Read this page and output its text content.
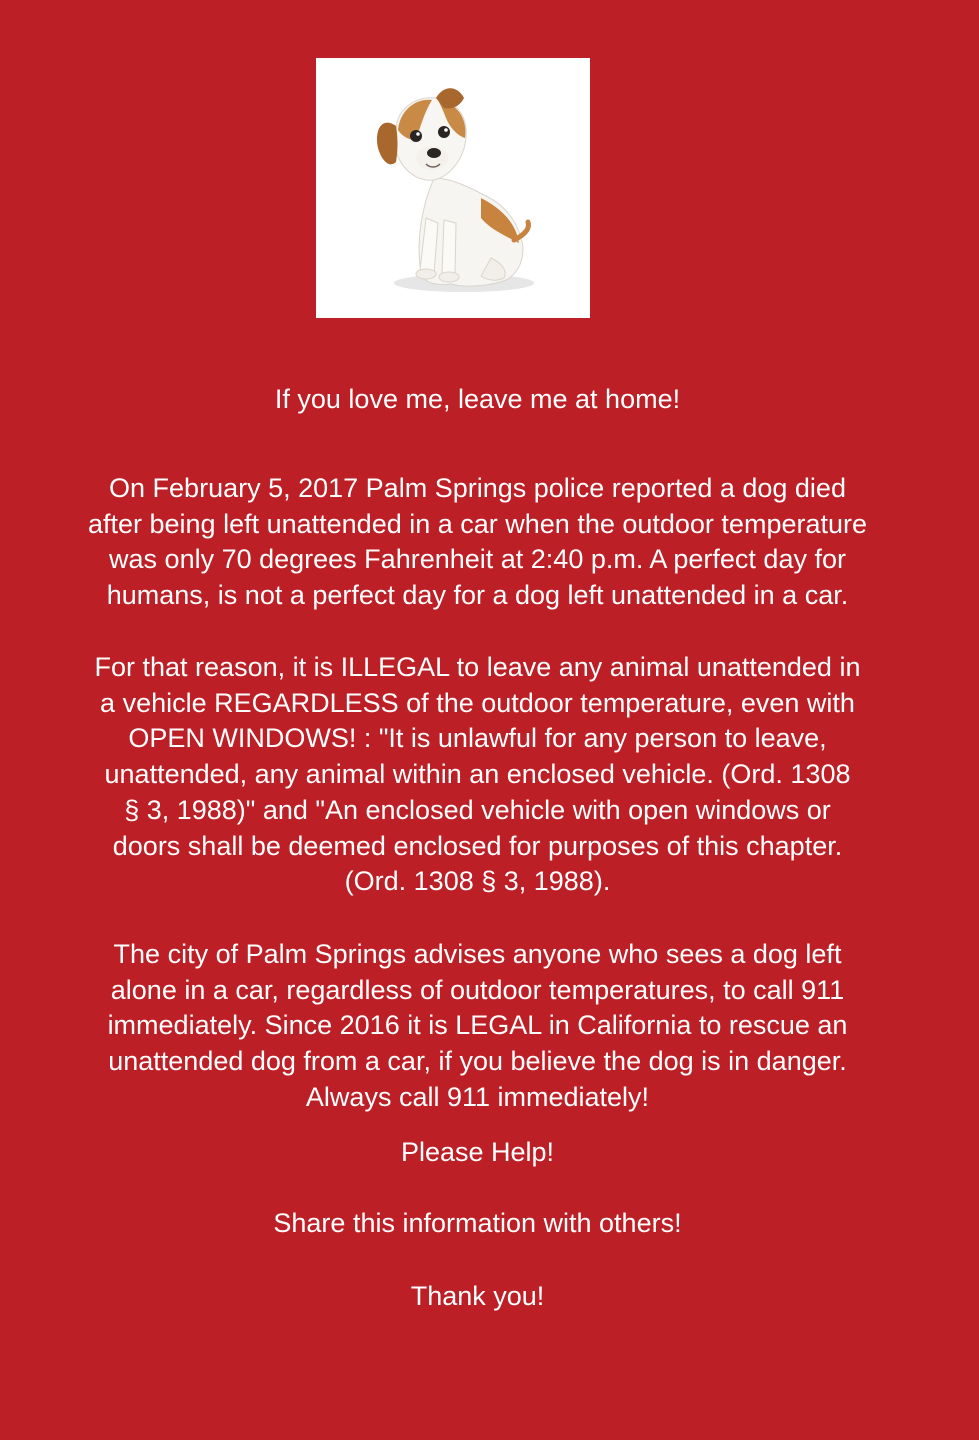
If you love me, leave me at home!

On February 5, 2017 Palm Springs police reported a dog died
after being left unattended in a car when the outdoor temperature
was only 70 degrees Fahrenheit at 2:40 p.m. A perfect day for
humans, is not a perfect day for a dog left unattended in a car.

For that reason, it is ILLEGAL to leave any animal unattended in
a vehicle REGARDLESS of the outdoor temperature, even with
OPEN WINDOWS! : "It is unlawful for any person to leave,
unattended, any animal within an enclosed vehicle. (Ord. 1308
§ 3, 1988)" and "An enclosed vehicle with open windows or
doors shall be deemed enclosed for purposes of this chapter.
(Ord. 1308 § 3, 1988).

The city of Palm Springs advises anyone who sees a dog left
alone in a car, regardless of outdoor temperatures, to call 911
immediately. Since 2016 it is LEGAL in California to rescue an
unattended dog from a car, if you believe the dog is in danger.
Always call 911 immediately!

Please Help!

Share this information with others!

Thank you!
